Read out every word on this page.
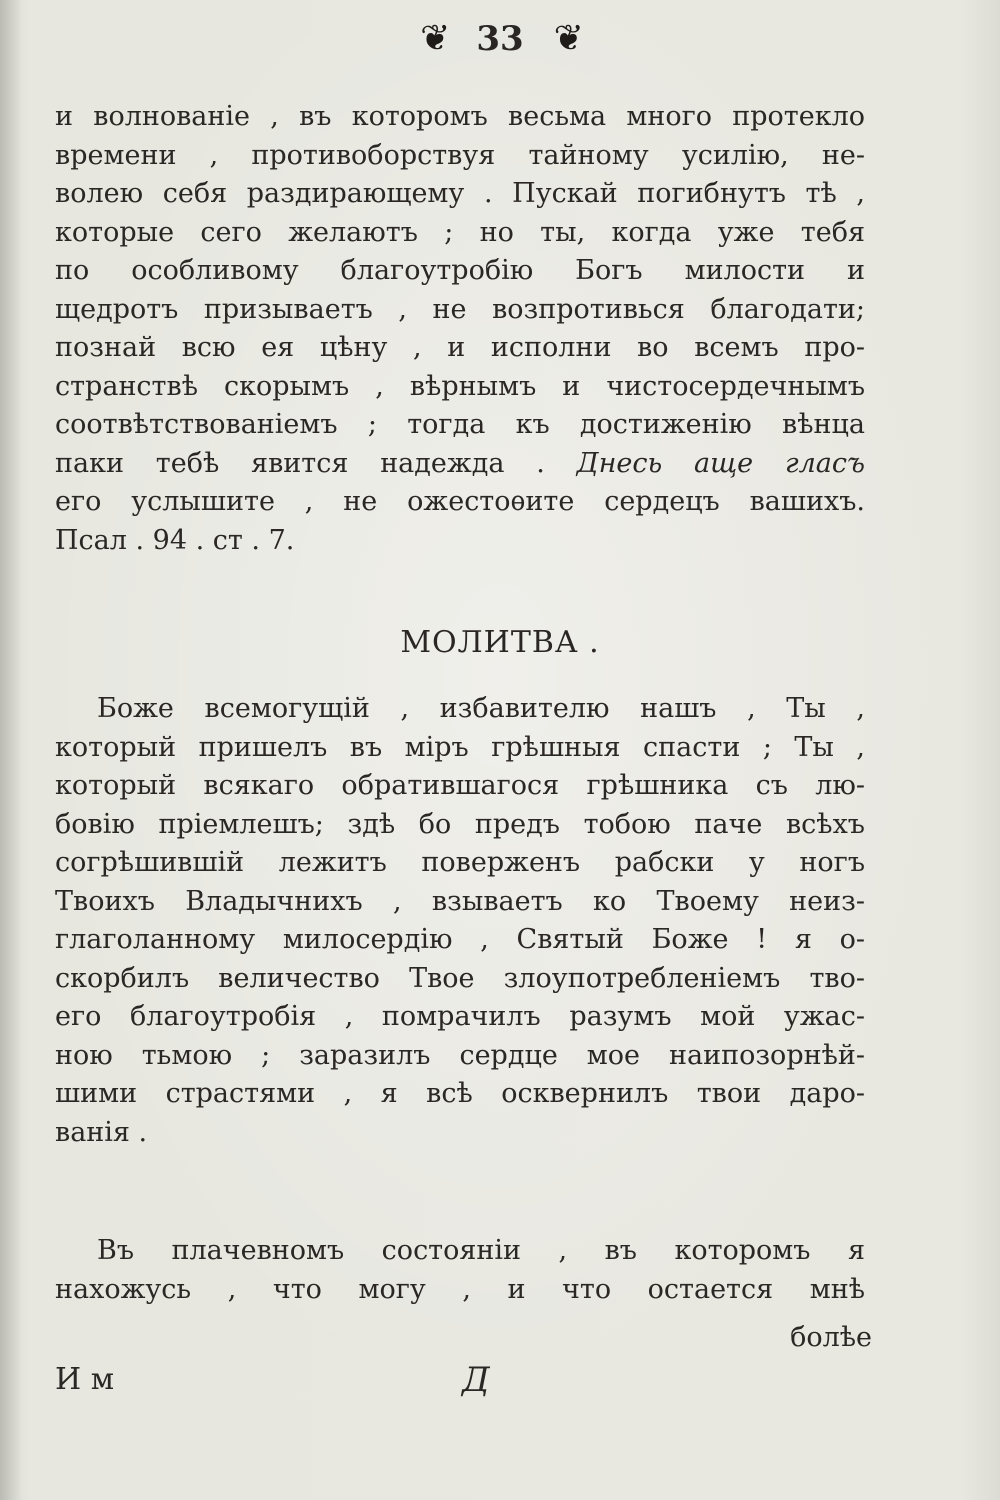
❦ 33 ❦
и волнованіе , въ которомъ весьма много протекло
времени , противоборствуя тайному усилію, не-
волею себя раздирающему . Пускай погибнутъ тѣ ,
которые сего желаютъ ; но ты, когда уже тебя
по особливому благоутробію Богъ милости и
щедротъ призываетъ , не возпротивься благодати;
познай всю ея цѣну , и исполни во всемъ про-
странствѣ скорымъ , вѣрнымъ и чистосердечнымъ
соотвѣтствованіемъ ; тогда къ достиженію вѣнца
паки тебѣ явится надежда . Днесь аще гласъ
его услышите , не ожестоѳите сердецъ вашихъ.
Псал . 94 . ст . 7.
МОЛИТВА .
Боже всемогущій , избавителю нашъ , Ты ,
который пришелъ въ міръ грѣшныя спасти ; Ты ,
который всякаго обратившагося грѣшника съ лю-
бовію пріемлешъ; здѣ бо предъ тобою паче всѣхъ
согрѣшившій лежитъ поверженъ рабски у ногъ
Твоихъ Владычнихъ , взываетъ ко Твоему неиз-
глаголанному милосердію , Святый Боже ! я о-
скорбилъ величество Твое злоупотребленіемъ тво-
его благоутробія , помрачилъ разумъ мой ужас-
ною тьмою ; заразилъ сердце мое наипозорнѣй-
шими страстями , я всѣ осквернилъ твои даро-
ванія .
Въ плачевномъ состояніи , въ которомъ я
нахожусь , что могу , и что остается мнѣ
болѣе
И м	Д
